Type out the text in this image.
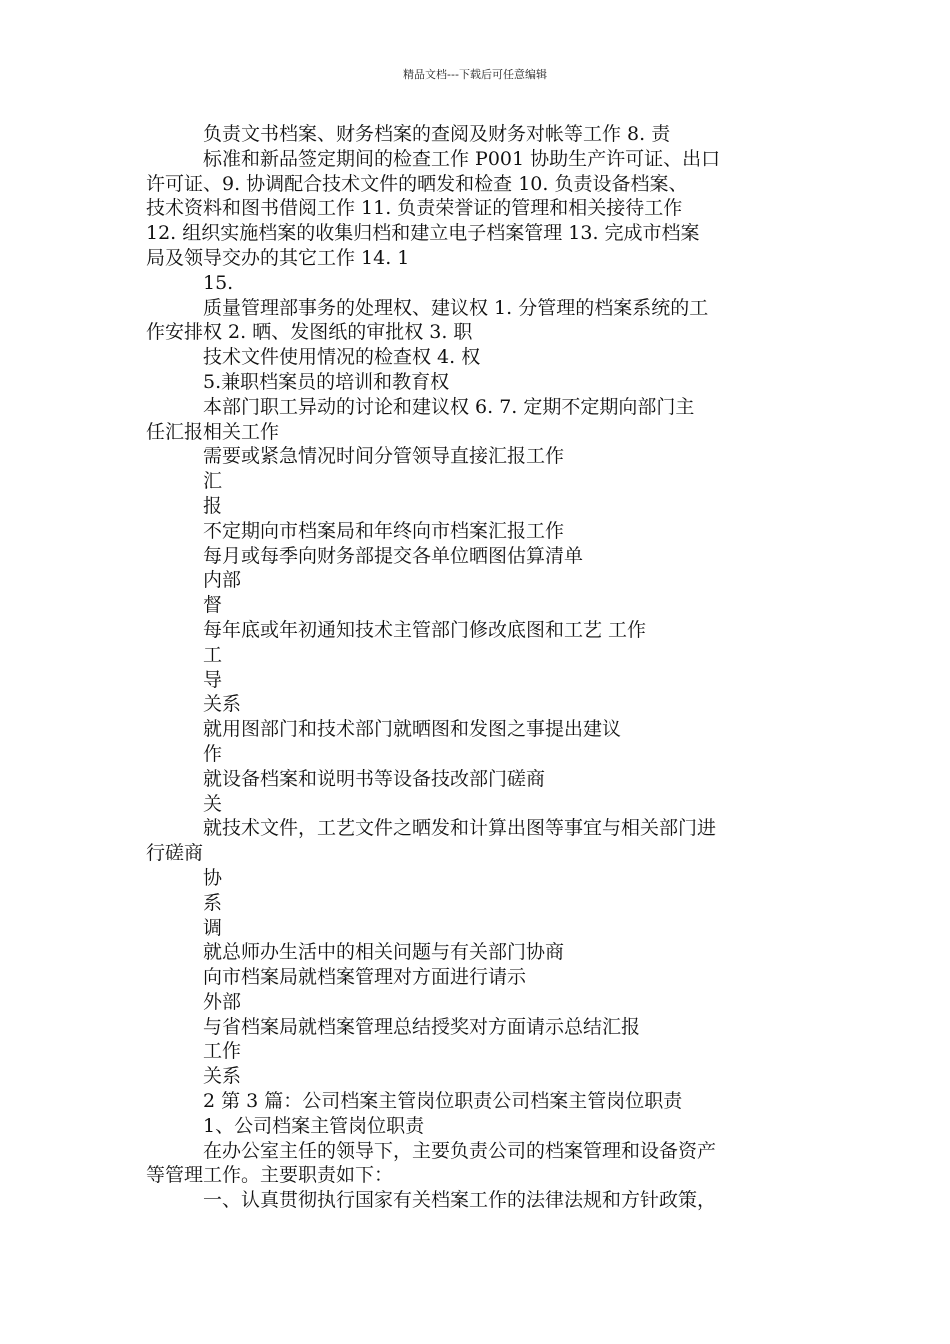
精品文档---下载后可任意编辑
负责文书档案、财务档案的查阅及财务对帐等工作 8. 责
标准和新品签定期间的检查工作 P001 协助生产许可证、出口
许可证、9. 协调配合技术文件的晒发和检查 10. 负责设备档案、
技术资料和图书借阅工作 11. 负责荣誉证的管理和相关接待工作
12. 组织实施档案的收集归档和建立电子档案管理 13. 完成市档案
局及领导交办的其它工作 14. 1
15.
质量管理部事务的处理权、建议权 1. 分管理的档案系统的工
作安排权 2. 晒、发图纸的审批权 3. 职
技术文件使用情况的检查权 4. 权
5.兼职档案员的培训和教育权
本部门职工异动的讨论和建议权 6. 7. 定期不定期向部门主
任汇报相关工作
需要或紧急情况时间分管领导直接汇报工作
汇
报
不定期向市档案局和年终向市档案汇报工作
每月或每季向财务部提交各单位晒图估算清单
内部
督
每年底或年初通知技术主管部门修改底图和工艺 工作
工
导
关系
就用图部门和技术部门就晒图和发图之事提出建议
作
就设备档案和说明书等设备技改部门磋商
关
就技术文件，工艺文件之晒发和计算出图等事宜与相关部门进
行磋商
协
系
调
就总师办生活中的相关问题与有关部门协商
向市档案局就档案管理对方面进行请示
外部
与省档案局就档案管理总结授奖对方面请示总结汇报
工作
关系
2 第 3 篇：公司档案主管岗位职责公司档案主管岗位职责
1、公司档案主管岗位职责
在办公室主任的领导下，主要负责公司的档案管理和设备资产
等管理工作。主要职责如下：
一、认真贯彻执行国家有关档案工作的法律法规和方针政策，
